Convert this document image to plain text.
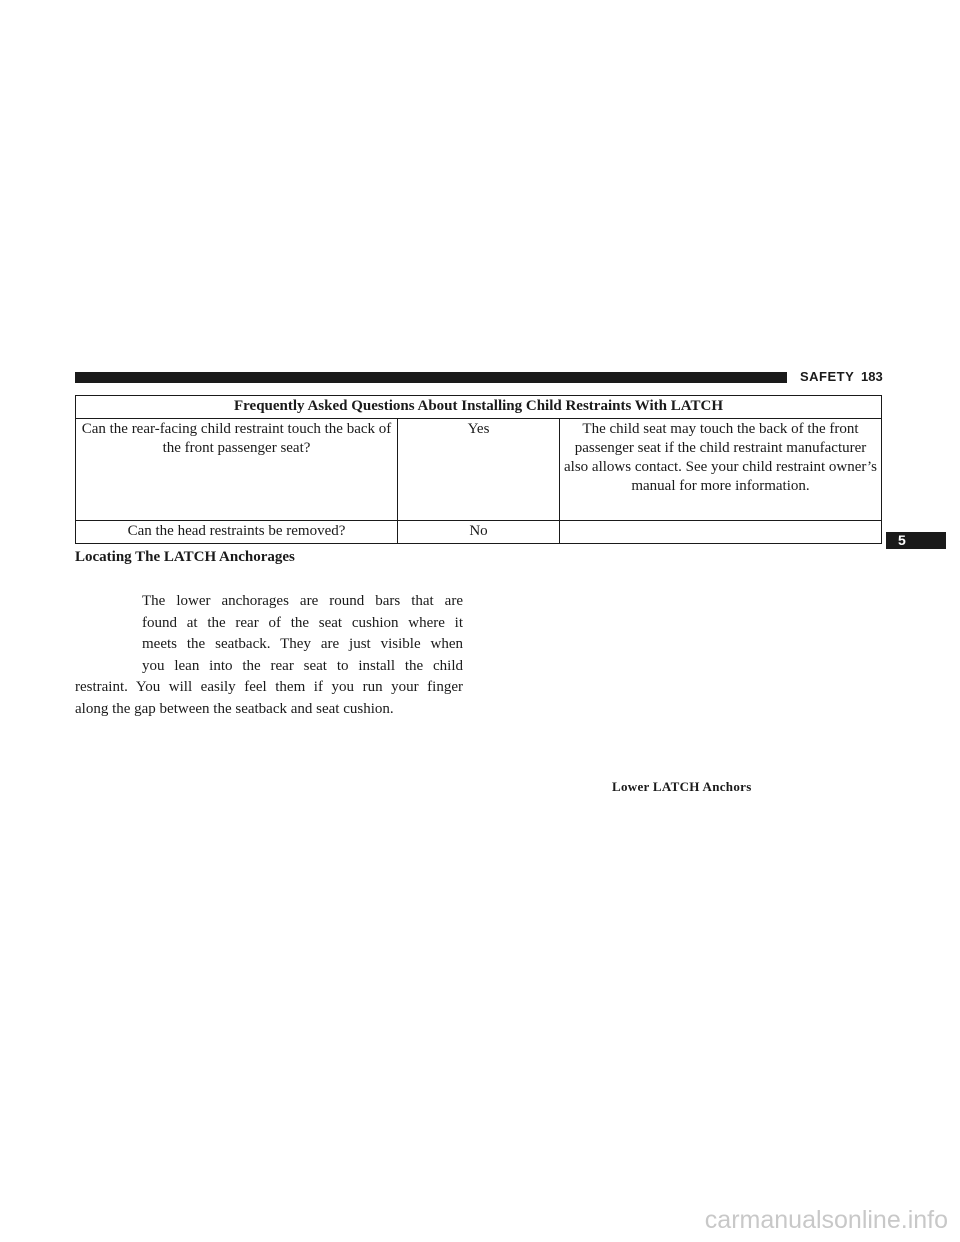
SAFETY 183
5
Frequently Asked Questions About Installing Child Restraints With LATCH		
Can the rear-facing child restraint touch the back of the front passenger seat?	Yes	The child seat may touch the back of the front passenger seat if the child restraint manufacturer also allows contact. See your child restraint owner’s manual for more information.
Can the head restraints be removed?	No	
Locating The LATCH Anchorages
The lower anchorages are round bars that are
found at the rear of the seat cushion where it
meets the seatback. They are just visible when
you lean into the rear seat to install the child
restraint. You will easily feel them if you run your finger
along the gap between the seatback and seat cushion.
Lower LATCH Anchors
carmanualsonline.info
